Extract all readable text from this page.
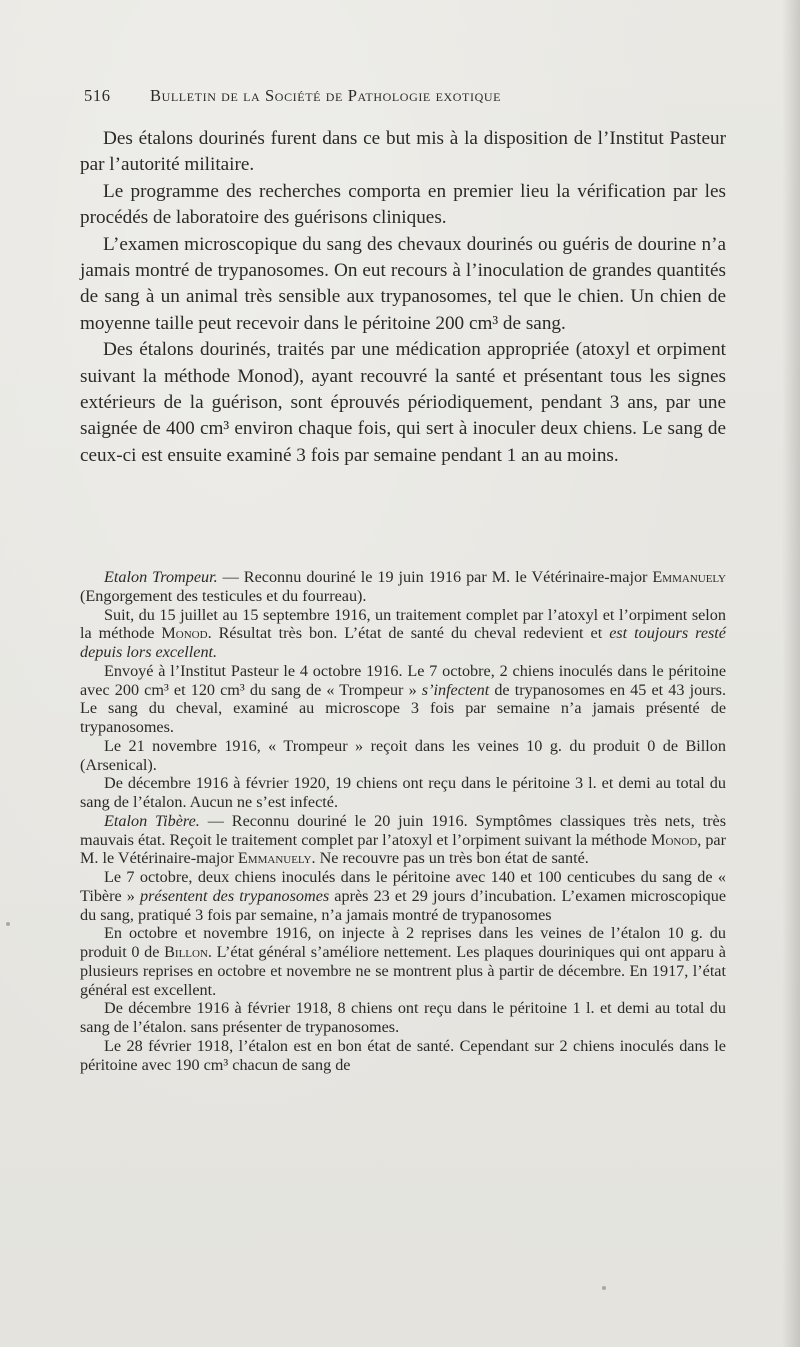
516 Bulletin de la Société de Pathologie exotique

Des étalons dourinés furent dans ce but mis à la disposition de l’Institut Pasteur par l’autorité militaire.

Le programme des recherches comporta en premier lieu la vérification par les procédés de laboratoire des guérisons cliniques.

L’examen microscopique du sang des chevaux dourinés ou guéris de dourine n’a jamais montré de trypanosomes. On eut recours à l’inoculation de grandes quantités de sang à un animal très sensible aux trypanosomes, tel que le chien. Un chien de moyenne taille peut recevoir dans le péritoine 200 cm³ de sang.

Des étalons dourinés, traités par une médication appropriée (atoxyl et orpiment suivant la méthode Monod), ayant recouvré la santé et présentant tous les signes extérieurs de la guérison, sont éprouvés périodiquement, pendant 3 ans, par une saignée de 400 cm³ environ chaque fois, qui sert à inoculer deux chiens. Le sang de ceux-ci est ensuite examiné 3 fois par semaine pendant 1 an au moins.

Etalon Trompeur. — Reconnu douriné le 19 juin 1916 par M. le Vétérinaire-major Emmanuely (Engorgement des testicules et du fourreau).

Suit, du 15 juillet au 15 septembre 1916, un traitement complet par l’atoxyl et l’orpiment selon la méthode Monod. Résultat très bon. L’état de santé du cheval redevient et est toujours resté depuis lors excellent.

Envoyé à l’Institut Pasteur le 4 octobre 1916. Le 7 octobre, 2 chiens inoculés dans le péritoine avec 200 cm³ et 120 cm³ du sang de « Trompeur » s’infectent de trypanosomes en 45 et 43 jours. Le sang du cheval, examiné au microscope 3 fois par semaine n’a jamais présenté de trypanosomes.

Le 21 novembre 1916, « Trompeur » reçoit dans les veines 10 g. du produit 0 de Billon (Arsenical).

De décembre 1916 à février 1920, 19 chiens ont reçu dans le péritoine 3 l. et demi au total du sang de l’étalon. Aucun ne s’est infecté.

Etalon Tibère. — Reconnu douriné le 20 juin 1916. Symptômes classiques très nets, très mauvais état. Reçoit le traitement complet par l’atoxyl et l’orpiment suivant la méthode Monod, par M. le Vétérinaire-major Emmanuely. Ne recouvre pas un très bon état de santé.

Le 7 octobre, deux chiens inoculés dans le péritoine avec 140 et 100 centicubes du sang de « Tibère » présentent des trypanosomes après 23 et 29 jours d’incubation. L’examen microscopique du sang, pratiqué 3 fois par semaine, n’a jamais montré de trypanosomes

En octobre et novembre 1916, on injecte à 2 reprises dans les veines de l’étalon 10 g. du produit 0 de Billon. L’état général s’améliore nettement. Les plaques douriniques qui ont apparu à plusieurs reprises en octobre et novembre ne se montrent plus à partir de décembre. En 1917, l’état général est excellent.

De décembre 1916 à février 1918, 8 chiens ont reçu dans le péritoine 1 l. et demi au total du sang de l’étalon. sans présenter de trypanosomes.

Le 28 février 1918, l’étalon est en bon état de santé. Cependant sur 2 chiens inoculés dans le péritoine avec 190 cm³ chacun de sang de
